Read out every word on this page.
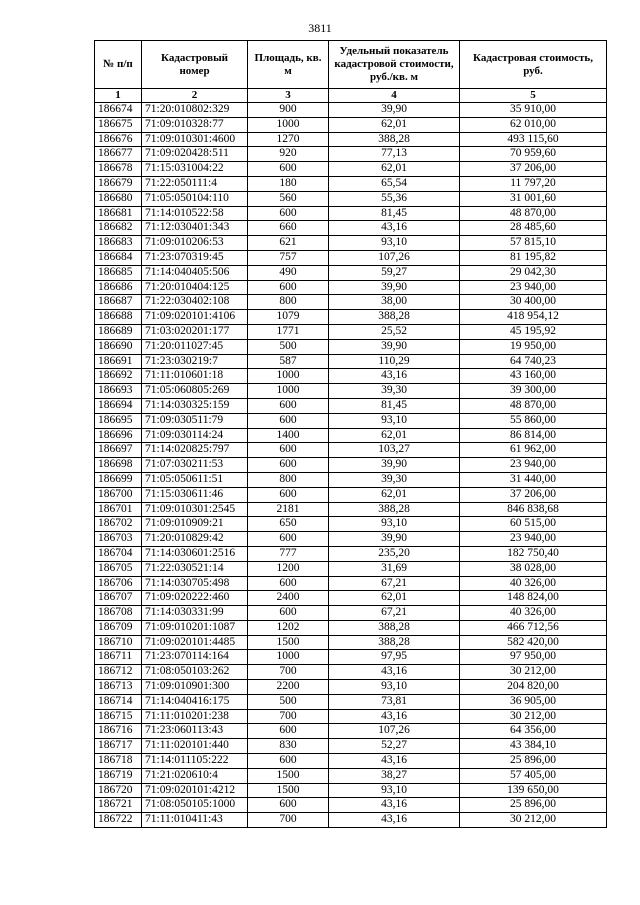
3811
№ п/п	Кадастровый номер	Площадь, кв. м	Удельный показатель кадастровой стоимости, руб./кв. м	Кадастровая стоимость, руб.
1	2	3	4	5
186674	71:20:010802:329	900	39,90	35 910,00
186675	71:09:010328:77	1000	62,01	62 010,00
186676	71:09:010301:4600	1270	388,28	493 115,60
186677	71:09:020428:511	920	77,13	70 959,60
186678	71:15:031004:22	600	62,01	37 206,00
186679	71:22:050111:4	180	65,54	11 797,20
186680	71:05:050104:110	560	55,36	31 001,60
186681	71:14:010522:58	600	81,45	48 870,00
186682	71:12:030401:343	660	43,16	28 485,60
186683	71:09:010206:53	621	93,10	57 815,10
186684	71:23:070319:45	757	107,26	81 195,82
186685	71:14:040405:506	490	59,27	29 042,30
186686	71:20:010404:125	600	39,90	23 940,00
186687	71:22:030402:108	800	38,00	30 400,00
186688	71:09:020101:4106	1079	388,28	418 954,12
186689	71:03:020201:177	1771	25,52	45 195,92
186690	71:20:011027:45	500	39,90	19 950,00
186691	71:23:030219:7	587	110,29	64 740,23
186692	71:11:010601:18	1000	43,16	43 160,00
186693	71:05:060805:269	1000	39,30	39 300,00
186694	71:14:030325:159	600	81,45	48 870,00
186695	71:09:030511:79	600	93,10	55 860,00
186696	71:09:030114:24	1400	62,01	86 814,00
186697	71:14:020825:797	600	103,27	61 962,00
186698	71:07:030211:53	600	39,90	23 940,00
186699	71:05:050611:51	800	39,30	31 440,00
186700	71:15:030611:46	600	62,01	37 206,00
186701	71:09:010301:2545	2181	388,28	846 838,68
186702	71:09:010909:21	650	93,10	60 515,00
186703	71:20:010829:42	600	39,90	23 940,00
186704	71:14:030601:2516	777	235,20	182 750,40
186705	71:22:030521:14	1200	31,69	38 028,00
186706	71:14:030705:498	600	67,21	40 326,00
186707	71:09:020222:460	2400	62,01	148 824,00
186708	71:14:030331:99	600	67,21	40 326,00
186709	71:09:010201:1087	1202	388,28	466 712,56
186710	71:09:020101:4485	1500	388,28	582 420,00
186711	71:23:070114:164	1000	97,95	97 950,00
186712	71:08:050103:262	700	43,16	30 212,00
186713	71:09:010901:300	2200	93,10	204 820,00
186714	71:14:040416:175	500	73,81	36 905,00
186715	71:11:010201:238	700	43,16	30 212,00
186716	71:23:060113:43	600	107,26	64 356,00
186717	71:11:020101:440	830	52,27	43 384,10
186718	71:14:011105:222	600	43,16	25 896,00
186719	71:21:020610:4	1500	38,27	57 405,00
186720	71:09:020101:4212	1500	93,10	139 650,00
186721	71:08:050105:1000	600	43,16	25 896,00
186722	71:11:010411:43	700	43,16	30 212,00
